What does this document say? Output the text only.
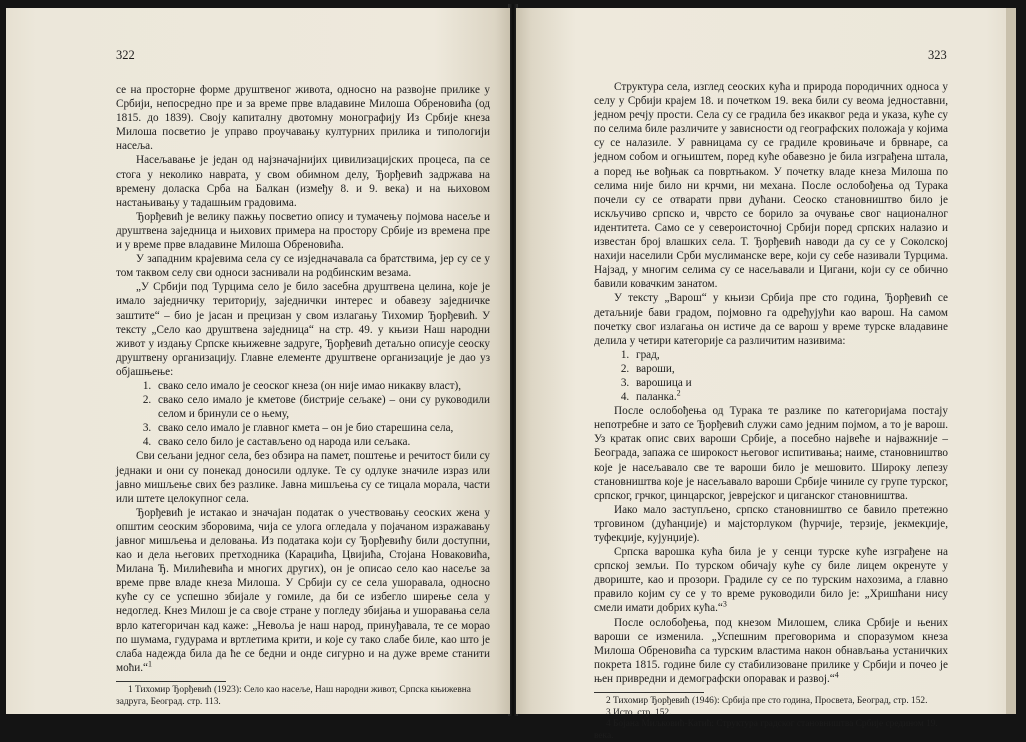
322

се на просторне форме друштвеног живота, односно на развојне прилике у Србији, непосредно пре и за време прве владавине Милоша Обреновића (од 1815. до 1839). Своју капиталну двотомну монографију Из Србије кнеза Милоша посветио је управо проучавању културних прилика и типологији насеља.

Насељавање је један од најзначајнијих цивилизацијских процеса, па се стога у неколико наврата, у свом обимном делу, Ђорђевић задржава на времену доласка Срба на Балкан (између 8. и 9. века) и на њиховом настањивању у тадашњим градовима.

Ђорђевић је велику пажњу посветио опису и тумачењу појмова насеље и друштвена заједница и њихових примера на простору Србије из времена пре и у време прве владавине Милоша Обреновића.

У западним крајевима села су се изједначавала са братствима, јер су се у том таквом селу сви односи заснивали на родбинским везама.

„У Србији под Турцима село је било засебна друштвена целина, које је имало заједничку територију, заједнички интерес и обавезу заједничке заштите“ – био је јасан и прецизан у свом излагању Тихомир Ђорђевић. У тексту „Село као друштвена заједница“ на стр. 49. у књизи Наш народни живот у издању Српске књижевне задруге, Ђорђевић детаљно описује сеоску друштвену организацију. Главне елементе друштвене организације је дао уз објашњење:

1. свако село имало је сеоског кнеза (он није имао никакву власт),
2. свако село имало је кметове (бистрије сељаке) – они су руководили селом и бринули се о њему,
3. свако село имало је главног кмета – он је био старешина села,
4. свако село било је састављено од народа или сељака.

Сви сељани једног села, без обзира на памет, поштење и речитост били су једнаки и они су понекад доносили одлуке. Те су одлуке значиле израз или јавно мишљење свих без разлике. Јавна мишљења су се тицала морала, части или штете целокупног села.

Ђорђевић је истакао и значајан податак о учествовању сеоских жена у општим сеоским зборовима, чија се улога огледала у појачаном изражавању јавног мишљења и деловања. Из података који су Ђорђевићу били доступни, као и дела његових претходника (Караџића, Цвијића, Стојана Новаковића, Милана Ђ. Милићевића и многих других), он је описао село као насеље за време прве владе кнеза Милоша. У Србији су се села ушоравала, односно куће су се успешно збијале у гомиле, да би се избегло ширење села у недоглед. Кнез Милош је са своје стране у погледу збијања и ушоравања села врло категоричан кад каже: „Невоља је наш народ, принуђавала, те се морао по шумама, гудурама и вртлетима крити, и које су тако слабе биле, као што је слаба надежда била да ће се бедни и онде сигурно и на дуже време станити моћи.“$^1$

1 Тихомир Ђорђевић (1923): Село као насеље, Наш народни живот, Српска књижевна задруга, Београд. стр. 113.
323

Структура села, изглед сеоских кућа и природа породичних односа у селу у Србији крајем 18. и почетком 19. века били су веома једноставни, једном речју прости. Села су се градила без икаквог реда и указа, куће су по селима биле различите у зависности од географских положаја у којима су се налазиле. У равницама су се градиле кровињаче и брвнаре, са једном собом и огњиштем, поред куће обавезно је била изграђена штала, а поред ње вођњак са повртњаком. У почетку владе кнеза Милоша по селима није било ни крчми, ни механа. После ослобођења од Турака почели су се отварати први дућани. Сеоско становништво било је искључиво српско и, чврсто се борило за очување свог националног идентитета. Само се у североисточној Србији поред српских налазио и известан број влашких села. Т. Ђорђевић наводи да су се у Соколској нахији населили Срби муслиманске вере, који су себе називали Турцима. Најзад, у многим селима су се насељавали и Цигани, који су се обично бавили ковачким занатом.

У тексту „Варош“ у књизи Србија пре сто година, Ђорђевић се детаљније бави градом, појмовно га одређујући као варош. На самом почетку свог излагања он истиче да се варош у време турске владавине делила у четири категорије са различитим називима:

1. град,
2. вароши,
3. варошица и
4. паланка.$^2$

После ослобођења од Турака те разлике по категоријама постају непотребне и зато се Ђорђевић служи само једним појмом, а то је варош. Уз кратак опис свих вароши Србије, а посебно највеће и најважније – Београда, запажа се широкост његовог испитивања; наиме, становништво које је насељавало све те вароши било је мешовито. Широку лепезу становништва које је насељавало вароши Србије чиниле су групе турског, српског, грчког, цинцарског, јеврејског и циганског становништва.

Иако мало заступљено, српско становништво се бавило претежно трговином (дућанџије) и мајсторлуком (ћурчије, терзије, јекмекџије, туфекџије, кујунџије).

Српска варошка кућа била је у сенци турске куће изграђене на српској земљи. По турском обичају куће су биле лицем окренуте у двориште, као и прозори. Градиле су се по турским нахозима, а главно правило којим су се у то време руководили било је: „Хришћани нису смели имати добрих кућа.“$^3$

После ослобођења, под кнезом Милошем, слика Србије и њених вароши се изменила. „Успешним преговорима и споразумом кнеза Милоша Обреновића са турским властима након обнављања устаничких покрета 1815. године биле су стабилизоване прилике у Србији и почео је њен привредни и демографски опоравак и развој.“$^4$

2 Тихомир Ђорђевић (1946): Србија пре сто година, Просвета, Београд, стр. 152.
3 Исто, стр. 152.
4 Бојана Миљковић-Катић: Структура градског становништва Србије средином 19. века.
